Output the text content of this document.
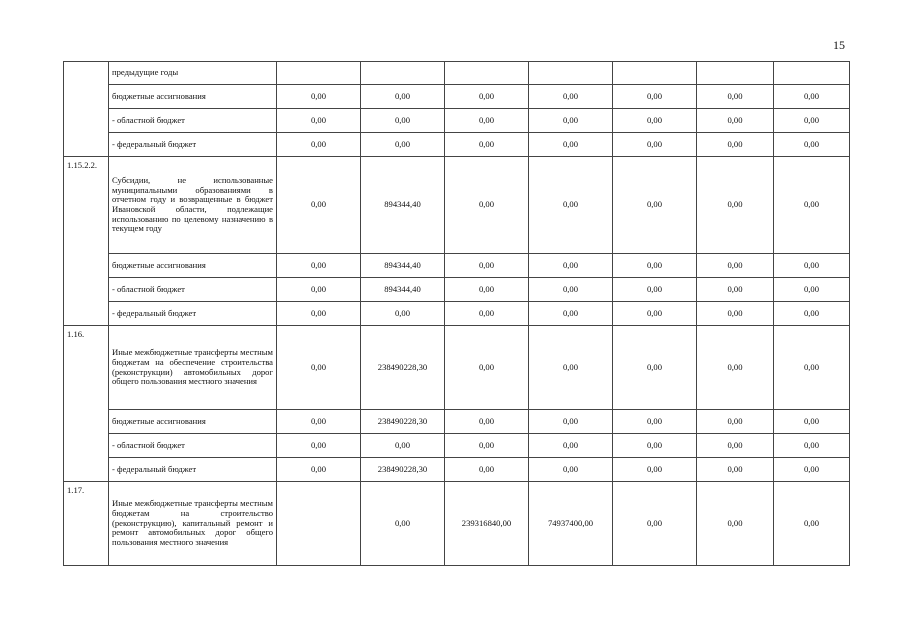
15
	предыдущие годы							
	бюджетные ассигнования	0,00	0,00	0,00	0,00	0,00	0,00	0,00
	- областной бюджет	0,00	0,00	0,00	0,00	0,00	0,00	0,00
	- федеральный бюджет	0,00	0,00	0,00	0,00	0,00	0,00	0,00
1.15.2.2.	Субсидии, не использованные муниципальными образованиями в отчетном году и возвращенные в бюджет Ивановской области, подлежащие использованию по целевому назначению в текущем году	0,00	894344,40	0,00	0,00	0,00	0,00	0,00
	бюджетные ассигнования	0,00	894344,40	0,00	0,00	0,00	0,00	0,00
	- областной бюджет	0,00	894344,40	0,00	0,00	0,00	0,00	0,00
	- федеральный бюджет	0,00	0,00	0,00	0,00	0,00	0,00	0,00
1.16.	Иные межбюджетные трансферты местным бюджетам на обеспечение строительства (реконструкции) автомобильных дорог общего пользования местного значения	0,00	238490228,30	0,00	0,00	0,00	0,00	0,00
	бюджетные ассигнования	0,00	238490228,30	0,00	0,00	0,00	0,00	0,00
	- областной бюджет	0,00	0,00	0,00	0,00	0,00	0,00	0,00
	- федеральный бюджет	0,00	238490228,30	0,00	0,00	0,00	0,00	0,00
1.17.	Иные межбюджетные трансферты местным бюджетам на строительство (реконструкцию), капитальный ремонт и ремонт автомобильных дорог общего пользования местного значения		0,00	239316840,00	74937400,00	0,00	0,00	0,00
